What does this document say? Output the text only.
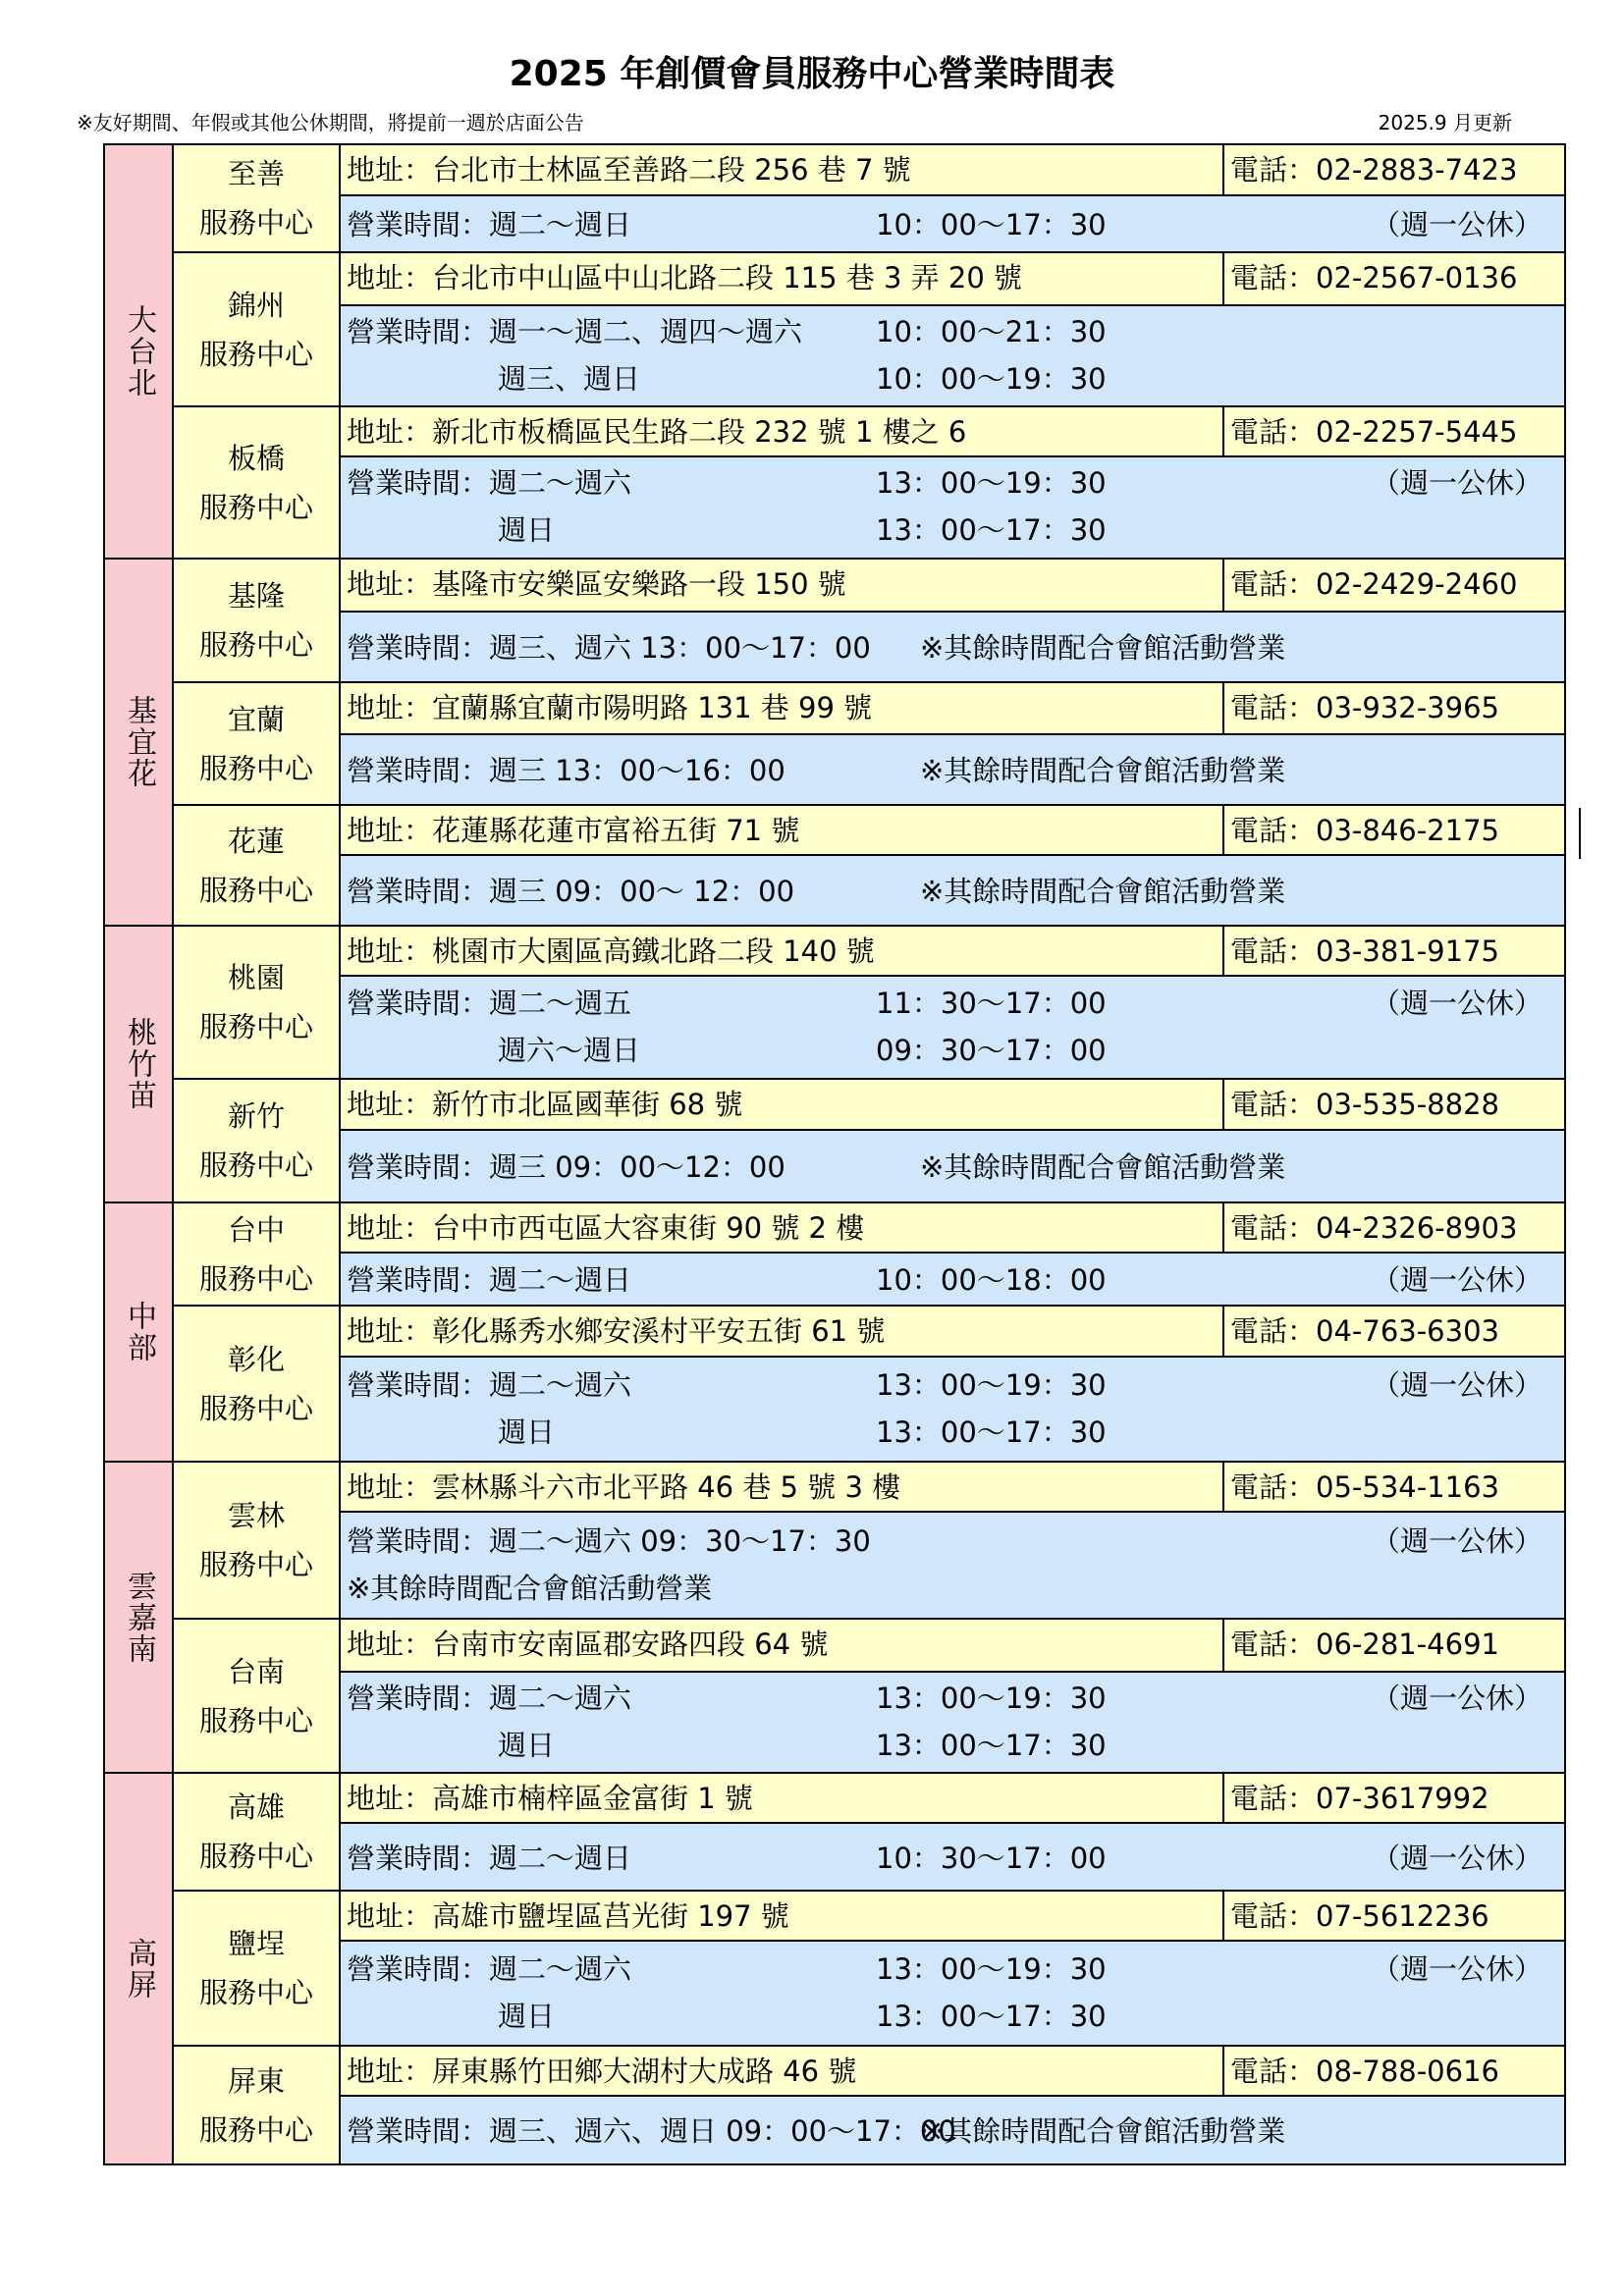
2025 年創價會員服務中心營業時間表
※友好期間、年假或其他公休期間，將提前一週於店面公告	2025.9 月更新
大台北
至善
服務中心
地址：台北市士林區至善路二段 256 巷 7 號	電話：02-2883-7423
營業時間：週二～週日	10：00～17：30	（週一公休）
錦州
服務中心
地址：台北市中山區中山北路二段 115 巷 3 弄 20 號	電話：02-2567-0136
營業時間：週一～週二、週四～週六	10：00～21：30
週三、週日	10：00～19：30
板橋
服務中心
地址：新北市板橋區民生路二段 232 號 1 樓之 6	電話：02-2257-5445
營業時間：週二～週六	13：00～19：30	（週一公休）
週日	13：00～17：30
基宜花
基隆
服務中心
地址：基隆市安樂區安樂路一段 150 號	電話：02-2429-2460
營業時間：週三、週六 13：00～17：00 ※其餘時間配合會館活動營業
宜蘭
服務中心
地址：宜蘭縣宜蘭市陽明路 131 巷 99 號	電話：03-932-3965
營業時間：週三 13：00～16：00	※其餘時間配合會館活動營業
花蓮
服務中心
地址：花蓮縣花蓮市富裕五街 71 號	電話：03-846-2175
營業時間：週三 09：00～ 12：00	※其餘時間配合會館活動營業
桃竹苗
桃園
服務中心
地址：桃園市大園區高鐵北路二段 140 號	電話：03-381-9175
營業時間：週二～週五	11：30～17：00	（週一公休）
週六～週日	09：30～17：00
新竹
服務中心
地址：新竹市北區國華街 68 號	電話：03-535-8828
營業時間：週三 09：00～12：00	※其餘時間配合會館活動營業
中部
台中
服務中心
地址：台中市西屯區大容東街 90 號 2 樓	電話：04-2326-8903
營業時間：週二～週日	10：00～18：00	（週一公休）
彰化
服務中心
地址：彰化縣秀水鄉安溪村平安五街 61 號	電話：04-763-6303
營業時間：週二～週六	13：00～19：30	（週一公休）
週日	13：00～17：30
雲嘉南
雲林
服務中心
地址：雲林縣斗六市北平路 46 巷 5 號 3 樓	電話：05-534-1163
營業時間：週二～週六 09：30～17：30	（週一公休）
※其餘時間配合會館活動營業
台南
服務中心
地址：台南市安南區郡安路四段 64 號	電話：06-281-4691
營業時間：週二～週六	13：00～19：30	（週一公休）
週日	13：00～17：30
高屏
高雄
服務中心
地址：高雄市楠梓區金富街 1 號	電話：07-3617992
營業時間：週二～週日	10：30～17：00	（週一公休）
鹽埕
服務中心
地址：高雄市鹽埕區莒光街 197 號	電話：07-5612236
營業時間：週二～週六	13：00～19：30	（週一公休）
週日	13：00～17：30
屏東
服務中心
地址：屏東縣竹田鄉大湖村大成路 46 號	電話：08-788-0616
營業時間：週三、週六、週日 09：00～17：00
※其餘時間配合會館活動營業
